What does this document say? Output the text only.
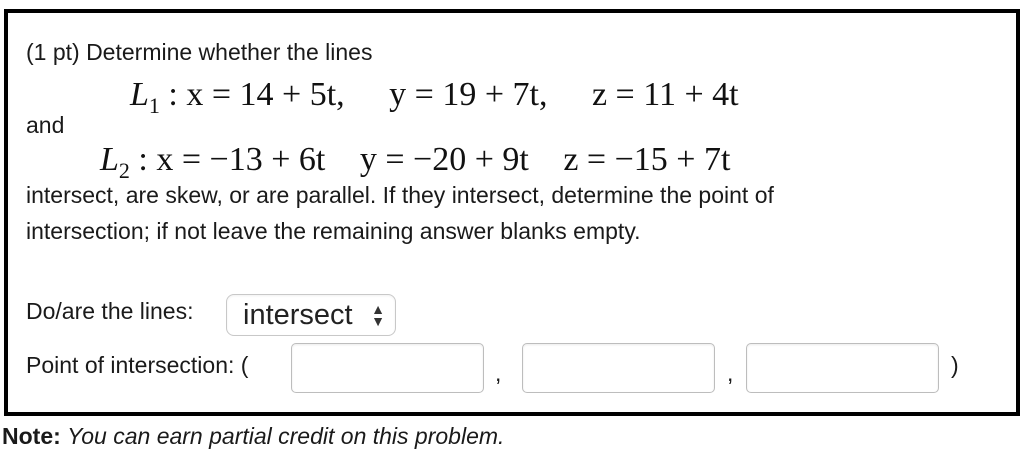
(1 pt) Determine whether the lines
$L_1$ : x = 14 + 5t, y = 19 + 7t, z = 11 + 4t
and
$L_2$ : x = −13 + 6t y = −20 + 9t z = −15 + 7t
intersect, are skew, or are parallel. If they intersect, determine the point of
intersection; if not leave the remaining answer blanks empty.
Do/are the lines: intersect ▲
▼
Point of intersection: (	,	,	)
Note: You can earn partial credit on this problem.
